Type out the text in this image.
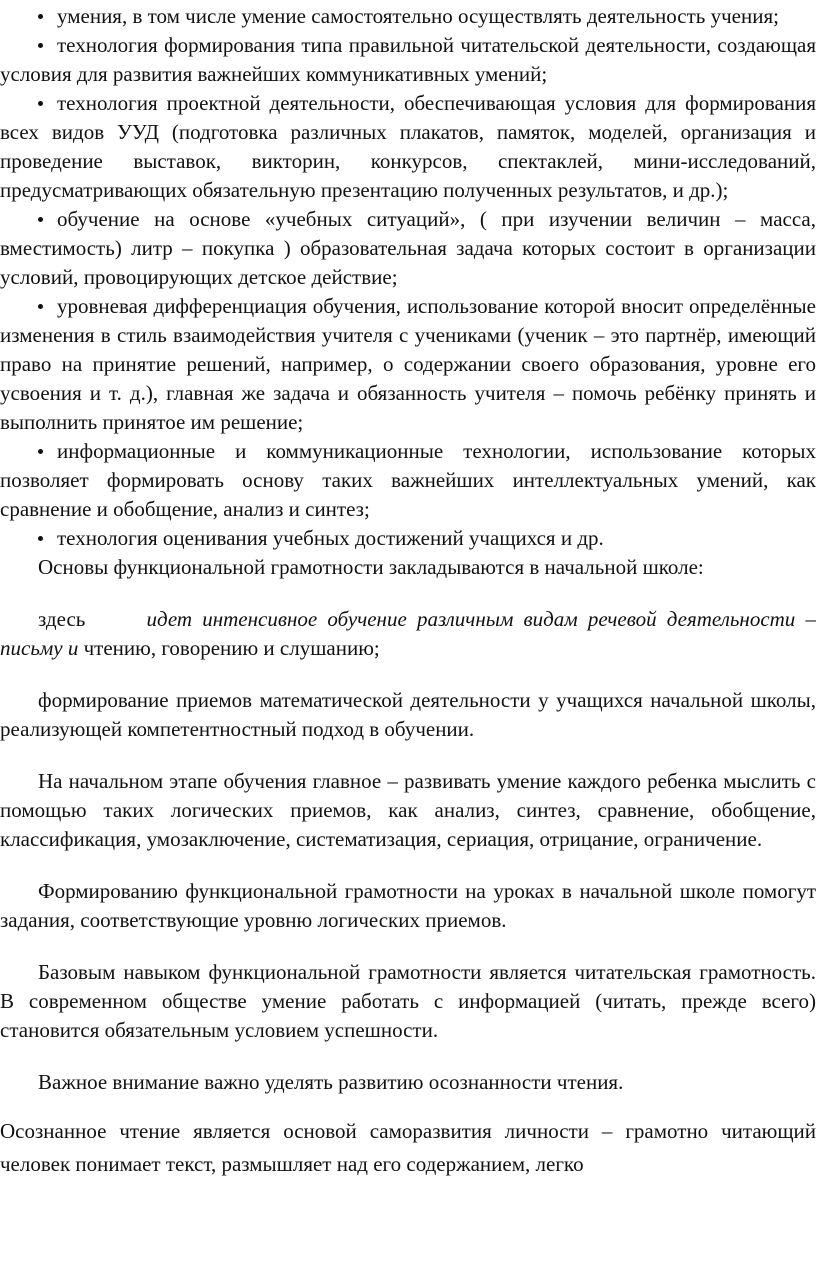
умения, в том числе умение самостоятельно осуществлять деятельность учения;

технология формирования типа правильной читательской деятельности, создающая условия для развития важнейших коммуникативных умений;

технология проектной деятельности, обеспечивающая условия для формирования всех видов УУД (подготовка различных плакатов, памяток, моделей, организация и проведение выставок, викторин, конкурсов, спектаклей, мини-исследований, предусматривающих обязательную презентацию полученных результатов, и др.);

обучение на основе «учебных ситуаций», ( при изучении величин – масса, вместимость) литр – покупка ) образовательная задача которых состоит в организации условий, провоцирующих детское действие;

уровневая дифференциация обучения, использование которой вносит определённые изменения в стиль взаимодействия учителя с учениками (ученик – это партнёр, имеющий право на принятие решений, например, о содержании своего образования, уровне его усвоения и т. д.), главная же задача и обязанность учителя – помочь ребёнку принять и выполнить принятое им решение;

информационные и коммуникационные технологии, использование которых позволяет формировать основу таких важнейших интеллектуальных умений, как сравнение и обобщение, анализ и синтез;

технология оценивания учебных достижений учащихся и др.

Основы функциональной грамотности закладываются в начальной школе:

здесь	идет интенсивное обучение различным видам речевой деятельности – письму и чтению, говорению и слушанию;

формирование приемов математической деятельности у учащихся начальной школы, реализующей компетентностный подход в обучении.

На начальном этапе обучения главное – развивать умение каждого ребенка мыслить с помощью таких логических приемов, как анализ, синтез, сравнение, обобщение, классификация, умозаключение, систематизация, сериация, отрицание, ограничение.

Формированию функциональной грамотности на уроках в начальной школе помогут задания, соответствующие уровню логических приемов.

Базовым навыком функциональной грамотности является читательская грамотность. В современном обществе умение работать с информацией (читать, прежде всего) становится обязательным условием успешности.

Важное внимание важно уделять развитию осознанности чтения.

Осознанное чтение является основой саморазвития личности – грамотно читающий человек понимает текст, размышляет над его содержанием, легко
